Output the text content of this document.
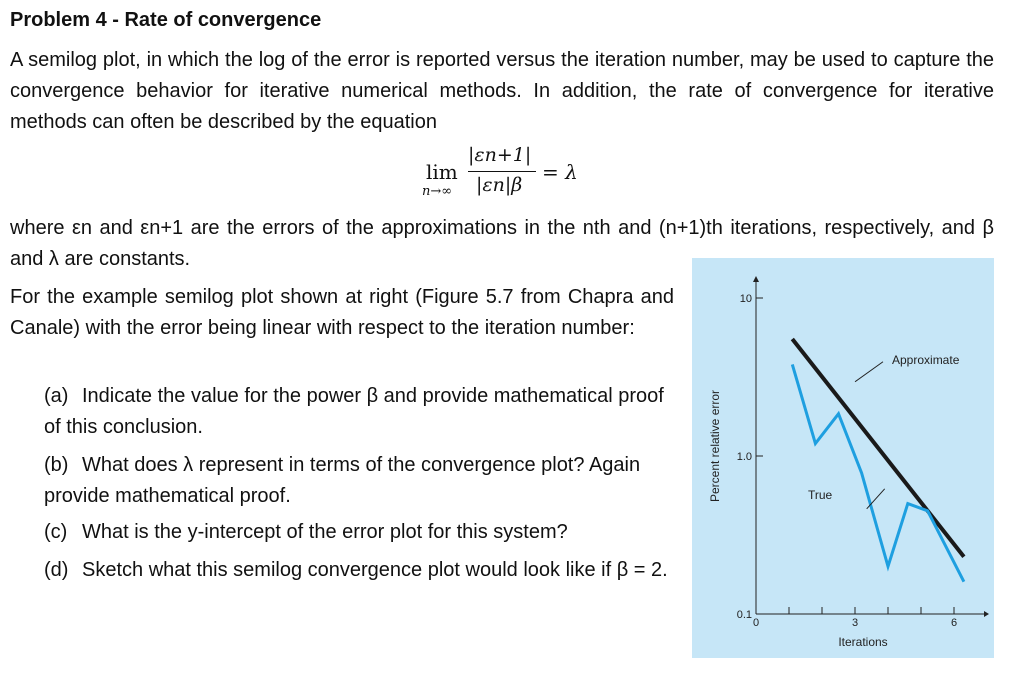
Problem 4 - Rate of convergence
A semilog plot, in which the log of the error is reported versus the iteration number, may be used to capture the convergence behavior for iterative numerical methods. In addition, the rate of convergence for iterative methods can often be described by the equation
lim
n→∞
|εn+1|
|εn|β
= λ
where εn and εn+1 are the errors of the approximations in the nth and (n+1)th iterations, respectively, and β and λ are constants.
For the example semilog plot shown at right (Figure 5.7 from Chapra and Canale) with the error being linear with respect to the iteration number:
(a) Indicate the value for the power β and provide mathematical proof of this conclusion.
(b) What does λ represent in terms of the convergence plot? Again provide mathematical proof.
(c) What is the y-intercept of the error plot for this system?
(d) Sketch what this semilog convergence plot would look like if β = 2.
0	3	6
0.1
1.0
10
Iterations
Percent relative error
Approximate
True
